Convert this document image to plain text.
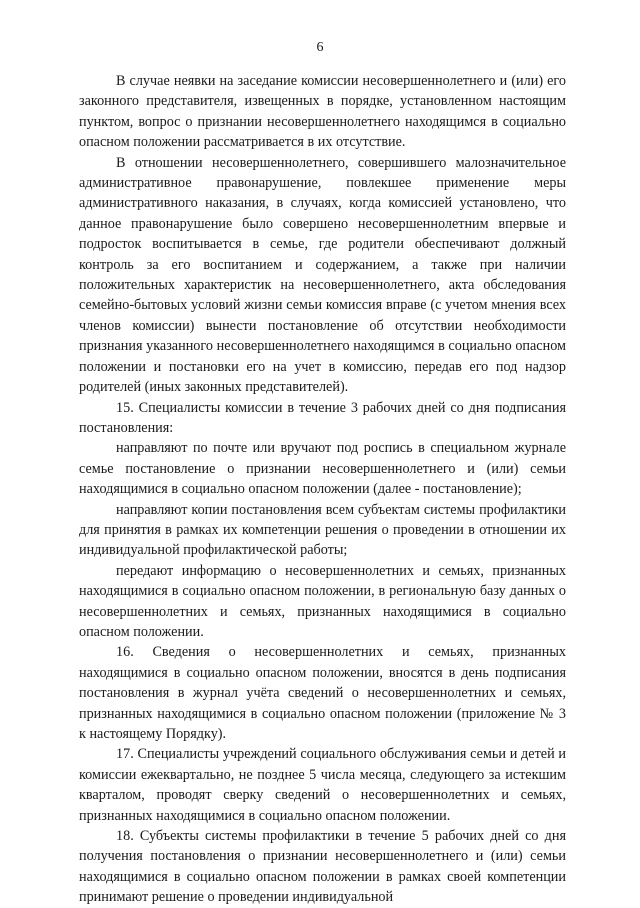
6

В случае неявки на заседание комиссии несовершеннолетнего и (или) его законного представителя, извещенных в порядке, установленном настоящим пунктом, вопрос о признании несовершеннолетнего находящимся в социально опасном положении рассматривается в их отсутствие.

В отношении несовершеннолетнего, совершившего малозначительное административное правонарушение, повлекшее применение меры административного наказания, в случаях, когда комиссией установлено, что данное правонарушение было совершено несовершеннолетним впервые и подросток воспитывается в семье, где родители обеспечивают должный контроль за его воспитанием и содержанием, а также при наличии положительных характеристик на несовершеннолетнего, акта обследования семейно-бытовых условий жизни семьи комиссия вправе (с учетом мнения всех членов комиссии) вынести постановление об отсутствии необходимости признания указанного несовершеннолетнего находящимся в социально опасном положении и постановки его на учет в комиссию, передав его под надзор родителей (иных законных представителей).

15. Специалисты комиссии в течение 3 рабочих дней со дня подписания постановления:

направляют по почте или вручают под роспись в специальном журнале семье постановление о признании несовершеннолетнего и (или) семьи находящимися в социально опасном положении (далее - постановление);

направляют копии постановления всем субъектам системы профилактики для принятия в рамках их компетенции решения о проведении в отношении их индивидуальной профилактической работы;

передают информацию о несовершеннолетних и семьях, признанных находящимися в социально опасном положении, в региональную базу данных о несовершеннолетних и семьях, признанных находящимися в социально опасном положении.

16. Сведения о несовершеннолетних и семьях, признанных находящимися в социально опасном положении, вносятся в день подписания постановления в журнал учёта сведений о несовершеннолетних и семьях, признанных находящимися в социально опасном положении (приложение № 3 к настоящему Порядку).

17. Специалисты учреждений социального обслуживания семьи и детей и комиссии ежеквартально, не позднее 5 числа месяца, следующего за истекшим кварталом, проводят сверку сведений о несовершеннолетних и семьях, признанных находящимися в социально опасном положении.

18. Субъекты системы профилактики в течение 5 рабочих дней со дня получения постановления о признании несовершеннолетнего и (или) семьи находящимися в социально опасном положении в рамках своей компетенции принимают решение о проведении индивидуальной
